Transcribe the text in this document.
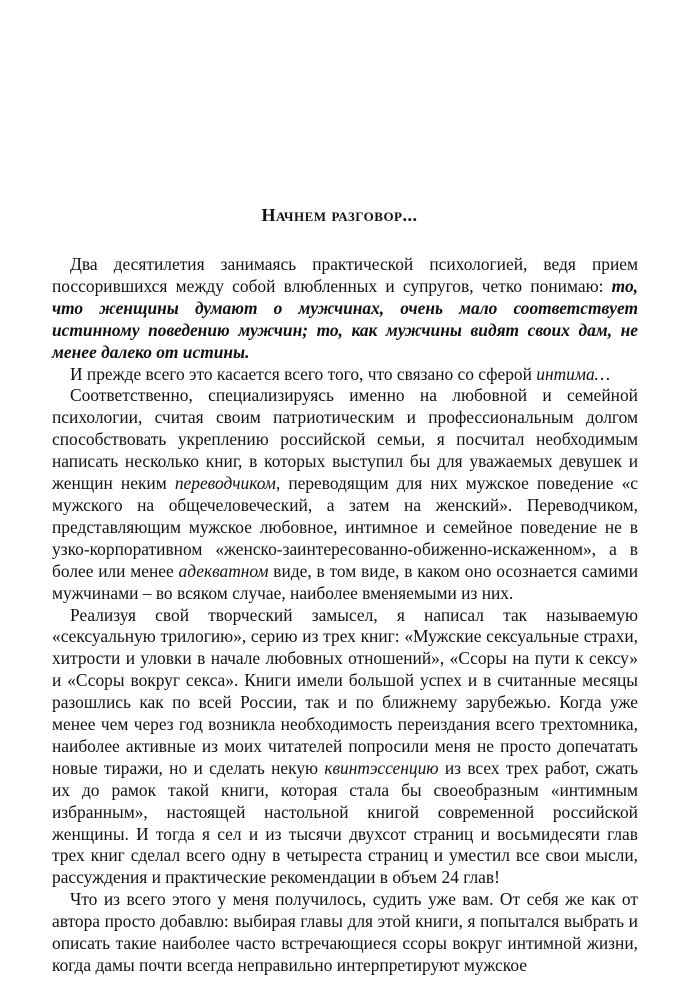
Начнем разговор...

Два десятилетия занимаясь практической психологией, ведя прием поссорившихся между собой влюбленных и супругов, четко понимаю: то, что женщины думают о мужчинах, очень мало соответствует истинному поведению мужчин; то, как мужчины видят своих дам, не менее далеко от истины.

И прежде всего это касается всего того, что связано со сферой интима…

Соответственно, специализируясь именно на любовной и семейной психологии, считая своим патриотическим и профессиональным долгом способствовать укреплению российской семьи, я посчитал необходимым написать несколько книг, в которых выступил бы для уважаемых девушек и женщин неким переводчиком, переводящим для них мужское поведение «с мужского на общечеловеческий, а затем на женский». Переводчиком, представляющим мужское любовное, интимное и семейное поведение не в узко-корпоративном «женско-заинтересованно-обиженно-искаженном», а в более или менее адекватном виде, в том виде, в каком оно осознается самими мужчинами – во всяком случае, наиболее вменяемыми из них.

Реализуя свой творческий замысел, я написал так называемую «сексуальную трилогию», серию из трех книг: «Мужские сексуальные страхи, хитрости и уловки в начале любовных отношений», «Ссоры на пути к сексу» и «Ссоры вокруг секса». Книги имели большой успех и в считанные месяцы разошлись как по всей России, так и по ближнему зарубежью. Когда уже менее чем через год возникла необходимость переиздания всего трехтомника, наиболее активные из моих читателей попросили меня не просто допечатать новые тиражи, но и сделать некую квинтэссенцию из всех трех работ, сжать их до рамок такой книги, которая стала бы своеобразным «интимным избранным», настоящей настольной книгой современной российской женщины. И тогда я сел и из тысячи двухсот страниц и восьмидесяти глав трех книг сделал всего одну в четыреста страниц и уместил все свои мысли, рассуждения и практические рекомендации в объем 24 глав!

Что из всего этого у меня получилось, судить уже вам. От себя же как от автора просто добавлю: выбирая главы для этой книги, я попытался выбрать и описать такие наиболее часто встречающиеся ссоры вокруг интимной жизни, когда дамы почти всегда неправильно интерпретируют мужское
